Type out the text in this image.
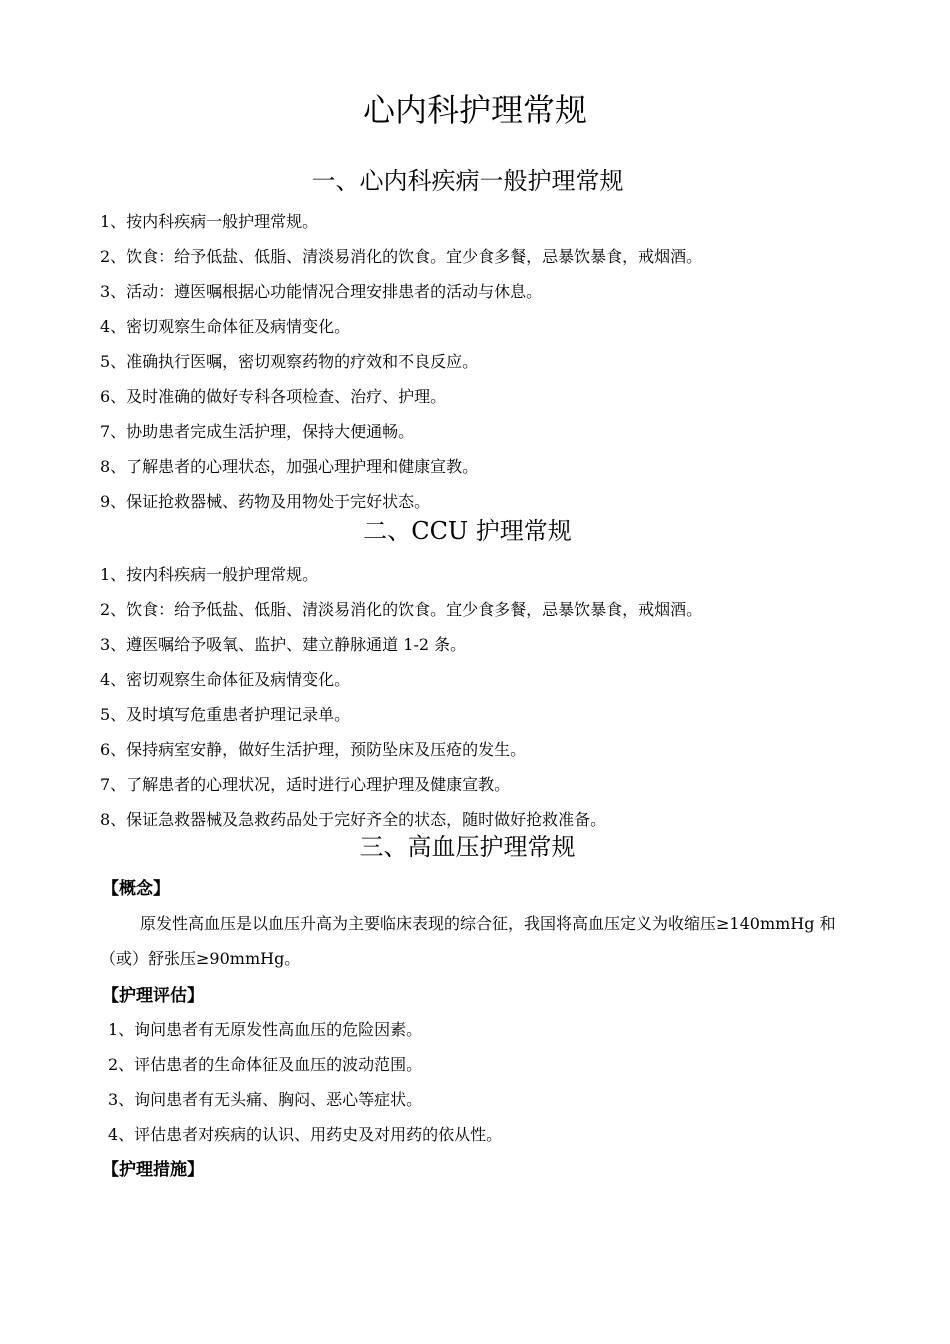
心内科护理常规
一、心内科疾病一般护理常规
1、按内科疾病一般护理常规。
2、饮食：给予低盐、低脂、清淡易消化的饮食。宜少食多餐，忌暴饮暴食，戒烟酒。
3、活动：遵医嘱根据心功能情况合理安排患者的活动与休息。
4、密切观察生命体征及病情变化。
5、准确执行医嘱，密切观察药物的疗效和不良反应。
6、及时准确的做好专科各项检查、治疗、护理。
7、协助患者完成生活护理，保持大便通畅。
8、了解患者的心理状态，加强心理护理和健康宣教。
9、保证抢救器械、药物及用物处于完好状态。
二、CCU 护理常规
1、按内科疾病一般护理常规。
2、饮食：给予低盐、低脂、清淡易消化的饮食。宜少食多餐，忌暴饮暴食，戒烟酒。
3、遵医嘱给予吸氧、监护、建立静脉通道 1-2 条。
4、密切观察生命体征及病情变化。
5、及时填写危重患者护理记录单。
6、保持病室安静，做好生活护理，预防坠床及压疮的发生。
7、了解患者的心理状况，适时进行心理护理及健康宣教。
8、保证急救器械及急救药品处于完好齐全的状态，随时做好抢救准备。
三、高血压护理常规
【概念】
原发性高血压是以血压升高为主要临床表现的综合征，我国将高血压定义为收缩压≥140mmHg 和（或）舒张压≥90mmHg。
【护理评估】
1、询问患者有无原发性高血压的危险因素。
2、评估患者的生命体征及血压的波动范围。
3、询问患者有无头痛、胸闷、恶心等症状。
4、评估患者对疾病的认识、用药史及对用药的依从性。
【护理措施】
